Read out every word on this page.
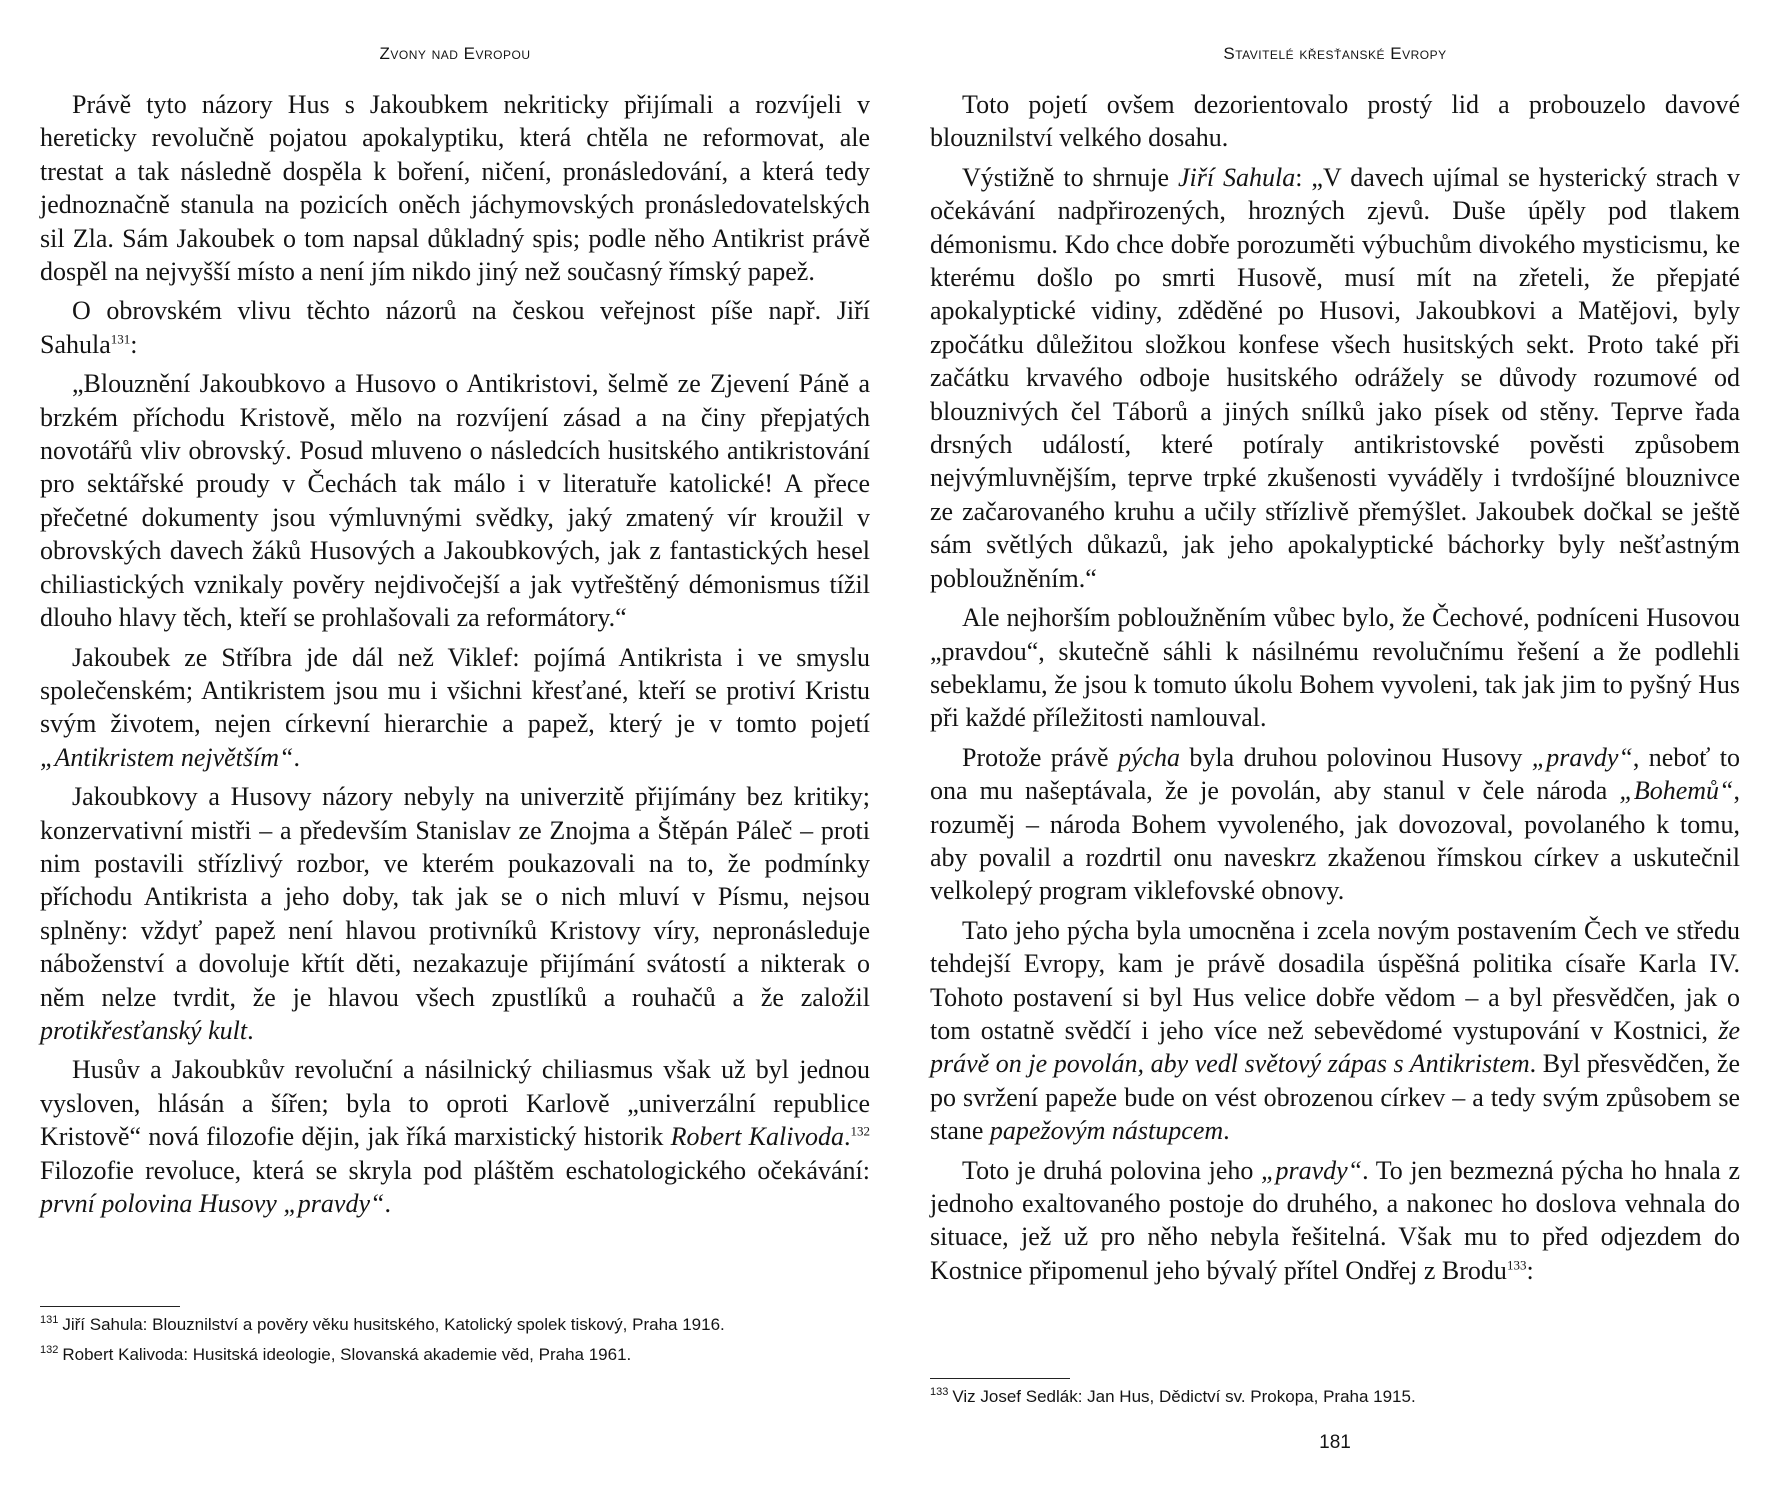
Zvony nad Evropou

Právě tyto názory Hus s Jakoubkem nekriticky přijímali a rozvíjeli v hereticky revolučně pojatou apokalyptiku, která chtěla ne reformovat, ale trestat a tak následně dospěla k boření, ničení, pronásledování, a která tedy jednoznačně stanula na pozicích oněch jáchymovských pronásledovatelských sil Zla. Sám Jakoubek o tom napsal důkladný spis; podle něho Antikrist právě dospěl na nejvyšší místo a není jím nikdo jiný než současný římský papež.

O obrovském vlivu těchto názorů na českou veřejnost píše např. Jiří Sahula$^{131}$:

„Blouznění Jakoubkovo a Husovo o Antikristovi, šelmě ze Zjevení Páně a brzkém příchodu Kristově, mělo na rozvíjení zásad a na činy přepjatých novotářů vliv obrovský. Posud mluveno o následcích husitského antikristování pro sektářské proudy v Čechách tak málo i v literatuře katolické! A přece přečetné dokumenty jsou výmluvnými svědky, jaký zmatený vír kroužil v obrovských davech žáků Husových a Jakoubkových, jak z fantastických hesel chiliastických vznikaly pověry nejdivočejší a jak vytřeštěný démonismus tížil dlouho hlavy těch, kteří se prohlašovali za reformátory.“

Jakoubek ze Stříbra jde dál než Viklef: pojímá Antikrista i ve smyslu společenském; Antikristem jsou mu i všichni křesťané, kteří se protiví Kristu svým životem, nejen církevní hierarchie a papež, který je v tomto pojetí „Antikristem největším“.

Jakoubkovy a Husovy názory nebyly na univerzitě přijímány bez kritiky; konzervativní mistři – a především Stanislav ze Znojma a Štěpán Páleč – proti nim postavili střízlivý rozbor, ve kterém poukazovali na to, že podmínky příchodu Antikrista a jeho doby, tak jak se o nich mluví v Písmu, nejsou splněny: vždyť papež není hlavou protivníků Kristovy víry, nepronásleduje náboženství a dovoluje křtít děti, nezakazuje přijímání svátostí a nikterak o něm nelze tvrdit, že je hlavou všech zpustlíků a rouhačů a že založil protikřesťanský kult.

Husův a Jakoubkův revoluční a násilnický chiliasmus však už byl jednou vysloven, hlásán a šířen; byla to oproti Karlově „univerzální republice Kristově“ nová filozofie dějin, jak říká marxistický historik Robert Kalivoda.$^{132}$ Filozofie revoluce, která se skryla pod pláštěm eschatologického očekávání: první polovina Husovy „pravdy“.

$^{131}$ Jiří Sahula: Blouznilství a pověry věku husitského, Katolický spolek tiskový, Praha 1916.

$^{132}$ Robert Kalivoda: Husitská ideologie, Slovanská akademie věd, Praha 1961.

Stavitelé křesťanské Evropy

Toto pojetí ovšem dezorientovalo prostý lid a probouzelo davové blouznilství velkého dosahu.

Výstižně to shrnuje Jiří Sahula: „V davech ujímal se hysterický strach v očekávání nadpřirozených, hrozných zjevů. Duše úpěly pod tlakem démonismu. Kdo chce dobře porozuměti výbuchům divokého mysticismu, ke kterému došlo po smrti Husově, musí mít na zřeteli, že přepjaté apokalyptické vidiny, zděděné po Husovi, Jakoubkovi a Matějovi, byly zpočátku důležitou složkou konfese všech husitských sekt. Proto také při začátku krvavého odboje husitského odrážely se důvody rozumové od blouznivých čel Táborů a jiných snílků jako písek od stěny. Teprve řada drsných událostí, které potíraly antikristovské pověsti způsobem nejvýmluvnějším, teprve trpké zkušenosti vyváděly i tvrdošíjné blouznivce ze začarovaného kruhu a učily střízlivě přemýšlet. Jakoubek dočkal se ještě sám světlých důkazů, jak jeho apokalyptické báchorky byly nešťastným pobloužněním.“

Ale nejhorším pobloužněním vůbec bylo, že Čechové, podníceni Husovou „pravdou“, skutečně sáhli k násilnému revolučnímu řešení a že podlehli sebeklamu, že jsou k tomuto úkolu Bohem vyvoleni, tak jak jim to pyšný Hus při každé příležitosti namlouval.

Protože právě pýcha byla druhou polovinou Husovy „pravdy“, neboť to ona mu našeptávala, že je povolán, aby stanul v čele národa „Bohemů“, rozuměj – národa Bohem vyvoleného, jak dovozoval, povolaného k tomu, aby povalil a rozdrtil onu naveskrz zkaženou římskou církev a uskutečnil velkolepý program viklefovské obnovy.

Tato jeho pýcha byla umocněna i zcela novým postavením Čech ve středu tehdejší Evropy, kam je právě dosadila úspěšná politika císaře Karla IV. Tohoto postavení si byl Hus velice dobře vědom – a byl přesvědčen, jak o tom ostatně svědčí i jeho více než sebevědomé vystupování v Kostnici, že právě on je povolán, aby vedl světový zápas s Antikristem. Byl přesvědčen, že po svržení papeže bude on vést obrozenou církev – a tedy svým způsobem se stane papežovým nástupcem.

Toto je druhá polovina jeho „pravdy“. To jen bezmezná pýcha ho hnala z jednoho exaltovaného postoje do druhého, a nakonec ho doslova vehnala do situace, jež už pro něho nebyla řešitelná. Však mu to před odjezdem do Kostnice připomenul jeho bývalý přítel Ondřej z Brodu$^{133}$:

$^{133}$ Viz Josef Sedlák: Jan Hus, Dědictví sv. Prokopa, Praha 1915.

181
